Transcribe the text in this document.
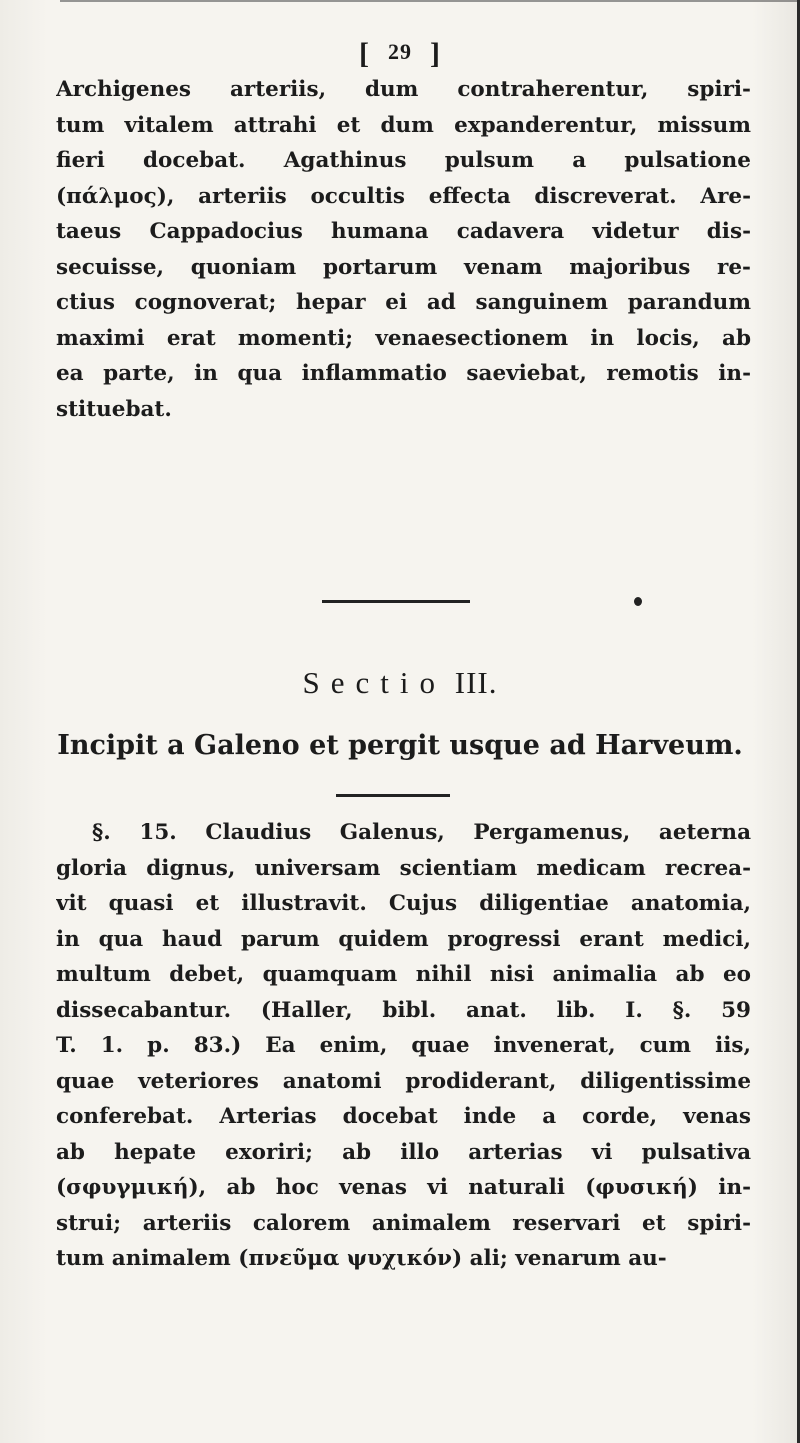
[ 29 ]
Archigenes arteriis, dum contraherentur, spiri-
tum vitalem attrahi et dum expanderentur, missum
fieri docebat. Agathinus pulsum a pulsatione
(πάλμος), arteriis occultis effecta discreverat. Are-
taeus Cappadocius humana cadavera videtur dis-
secuisse, quoniam portarum venam majoribus re-
ctius cognoverat; hepar ei ad sanguinem parandum
maximi erat momenti; venaesectionem in locis, ab
ea parte, in qua inflammatio saeviebat, remotis in-
stituebat.
Sectio III.
Incipit a Galeno et pergit usque ad Harveum.
§. 15. Claudius Galenus, Pergamenus, aeterna
gloria dignus, universam scientiam medicam recrea-
vit quasi et illustravit. Cujus diligentiae anatomia,
in qua haud parum quidem progressi erant medici,
multum debet, quamquam nihil nisi animalia ab eo
dissecabantur. (Haller, bibl. anat. lib. I. §. 59
T. 1. p. 83.) Ea enim, quae invenerat, cum iis,
quae veteriores anatomi prodiderant, diligentissime
conferebat. Arterias docebat inde a corde, venas
ab hepate exoriri; ab illo arterias vi pulsativa
(σφυγμική), ab hoc venas vi naturali (φυσική) in-
strui; arteriis calorem animalem reservari et spiri-
tum animalem (πνεῦμα ψυχικόν) ali; venarum au-
